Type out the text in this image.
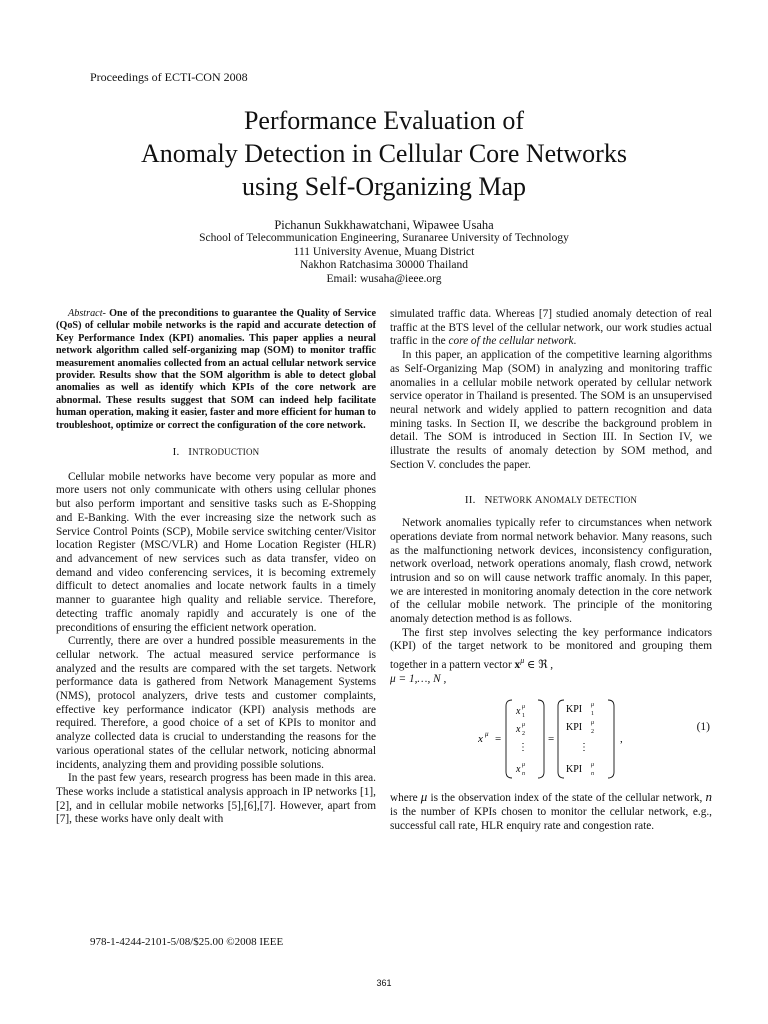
Proceedings of ECTI-CON 2008
Performance Evaluation of
Anomaly Detection in Cellular Core Networks
using Self-Organizing Map
Pichanun Sukkhawatchani, Wipawee Usaha
School of Telecommunication Engineering, Suranaree University of Technology
111 University Avenue, Muang District
Nakhon Ratchasima 30000 Thailand
Email: wusaha@ieee.org

Abstract- One of the preconditions to guarantee the Quality of Service (QoS) of cellular mobile networks is the rapid and accurate detection of Key Performance Index (KPI) anomalies. This paper applies a neural network algorithm called self-organizing map (SOM) to monitor traffic measurement anomalies collected from an actual cellular network service provider. Results show that the SOM algorithm is able to detect global anomalies as well as identify which KPIs of the core network are abnormal. These results suggest that SOM can indeed help facilitate human operation, making it easier, faster and more efficient for human to troubleshoot, optimize or correct the configuration of the core network.

I. INTRODUCTION

Cellular mobile networks have become very popular as more and more users not only communicate with others using cellular phones but also perform important and sensitive tasks such as E-Shopping and E-Banking. With the ever increasing size the network such as Service Control Points (SCP), Mobile service switching center/Visitor location Register (MSC/VLR) and Home Location Register (HLR) and advancement of new services such as data transfer, video on demand and video conferencing services, it is becoming extremely difficult to detect anomalies and locate network faults in a timely manner to guarantee high quality and reliable service. Therefore, detecting traffic anomaly rapidly and accurately is one of the preconditions of ensuring the efficient network operation.

Currently, there are over a hundred possible measurements in the cellular network. The actual measured service performance is analyzed and the results are compared with the set targets. Network performance data is gathered from Network Management Systems (NMS), protocol analyzers, drive tests and customer complaints, effective key performance indicator (KPI) analysis methods are required. Therefore, a good choice of a set of KPIs to monitor and analyze collected data is crucial to understanding the reasons for the various operational states of the cellular network, noticing abnormal incidents, analyzing them and providing possible solutions.

In the past few years, research progress has been made in this area. These works include a statistical analysis approach in IP networks [1],[2], and in cellular mobile networks [5],[6],[7]. However, apart from [7], these works have only dealt with

simulated traffic data. Whereas [7] studied anomaly detection of real traffic at the BTS level of the cellular network, our work studies actual traffic in the core of the cellular network.

In this paper, an application of the competitive learning algorithms as Self-Organizing Map (SOM) in analyzing and monitoring traffic anomalies in a cellular mobile network operated by cellular network service operator in Thailand is presented. The SOM is an unsupervised neural network and widely applied to pattern recognition and data mining tasks. In Section II, we describe the background problem in detail. The SOM is introduced in Section III. In Section IV, we illustrate the results of anomaly detection by SOM method, and Section V. concludes the paper.

II. NETWORK ANOMALY DETECTION

Network anomalies typically refer to circumstances when network operations deviate from normal network behavior. Many reasons, such as the malfunctioning network devices, inconsistency configuration, network overload, network operations anomaly, flash crowd, network intrusion and so on will cause network traffic anomaly. In this paper, we are interested in monitoring anomaly detection in the core network of the cellular mobile network. The principle of the monitoring anomaly detection method is as follows.

The first step involves selecting the key performance indicators (KPI) of the target network to be monitored and grouping them together in a pattern vector $x^\mu$ ∈ ℜ ,
μ = 1,…, N ,

x μ =
x μ
1
x μ
2
⋮
x μ
n
=
KPI μ
1
KPI μ
2
⋮
KPI μ
n
,
(1)

where μ is the observation index of the state of the cellular network, n is the number of KPIs chosen to monitor the cellular network, e.g., successful call rate, HLR enquiry rate and congestion rate.

978-1-4244-2101-5/08/$25.00 ©2008 IEEE
361
